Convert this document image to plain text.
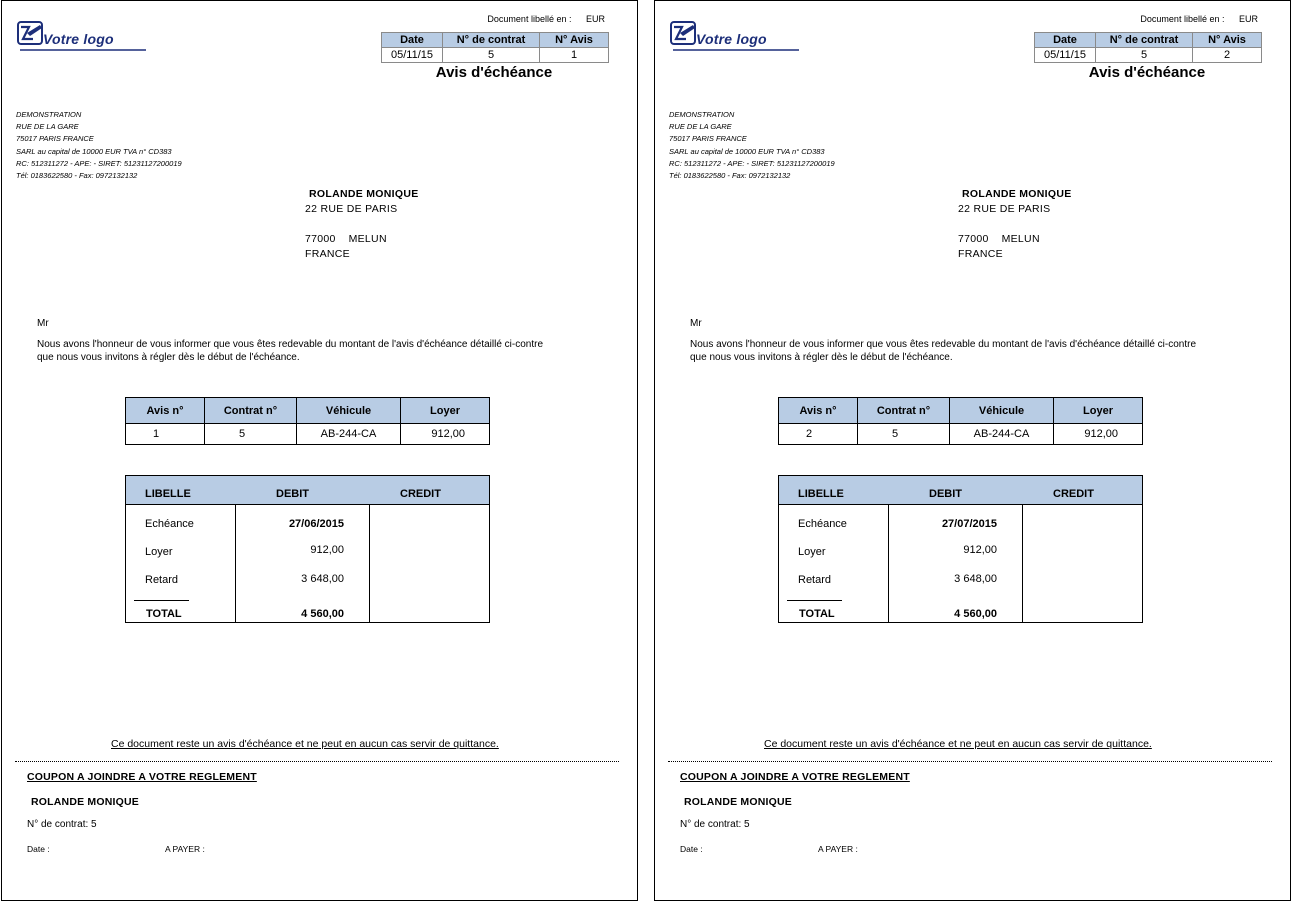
Votre logo
Document libellé en : EUR
Date	N° de contrat	N° Avis
05/11/15	5	1
Avis d'échéance
DEMONSTRATION
RUE DE LA GARE
75017 PARIS FRANCE
SARL au capital de 10000 EUR TVA n° CD383
RC: 512311272 - APE: - SIRET: 51231127200019
Tél: 0183622580 - Fax: 0972132132
ROLANDE MONIQUE
22 RUE DE PARIS
77000    MELUN
FRANCE
Mr
Nous avons l'honneur de vous informer que vous êtes redevable du montant de l'avis d'échéance détaillé ci-contre
que nous vous invitons à régler dès le début de l'échéance.
Avis n°	Contrat n°	Véhicule	Loyer
1	5	AB-244-CA	912,00
LIBELLE	DEBIT	CREDIT
Echéance	27/06/2015
Loyer	912,00
Retard	3 648,00
TOTAL	4 560,00
Ce document reste un avis d'échéance et ne peut en aucun cas servir de quittance.
COUPON A JOINDRE A VOTRE REGLEMENT
ROLANDE MONIQUE
N° de contrat: 5
Date :	A PAYER :
Votre logo
Document libellé en : EUR
Date	N° de contrat	N° Avis
05/11/15	5	2
Avis d'échéance
DEMONSTRATION
RUE DE LA GARE
75017 PARIS FRANCE
SARL au capital de 10000 EUR TVA n° CD383
RC: 512311272 - APE: - SIRET: 51231127200019
Tél: 0183622580 - Fax: 0972132132
ROLANDE MONIQUE
22 RUE DE PARIS
77000    MELUN
FRANCE
Mr
Nous avons l'honneur de vous informer que vous êtes redevable du montant de l'avis d'échéance détaillé ci-contre
que nous vous invitons à régler dès le début de l'échéance.
Avis n°	Contrat n°	Véhicule	Loyer
2	5	AB-244-CA	912,00
LIBELLE	DEBIT	CREDIT
Echéance	27/07/2015
Loyer	912,00
Retard	3 648,00
TOTAL	4 560,00
Ce document reste un avis d'échéance et ne peut en aucun cas servir de quittance.
COUPON A JOINDRE A VOTRE REGLEMENT
ROLANDE MONIQUE
N° de contrat: 5
Date :	A PAYER :
